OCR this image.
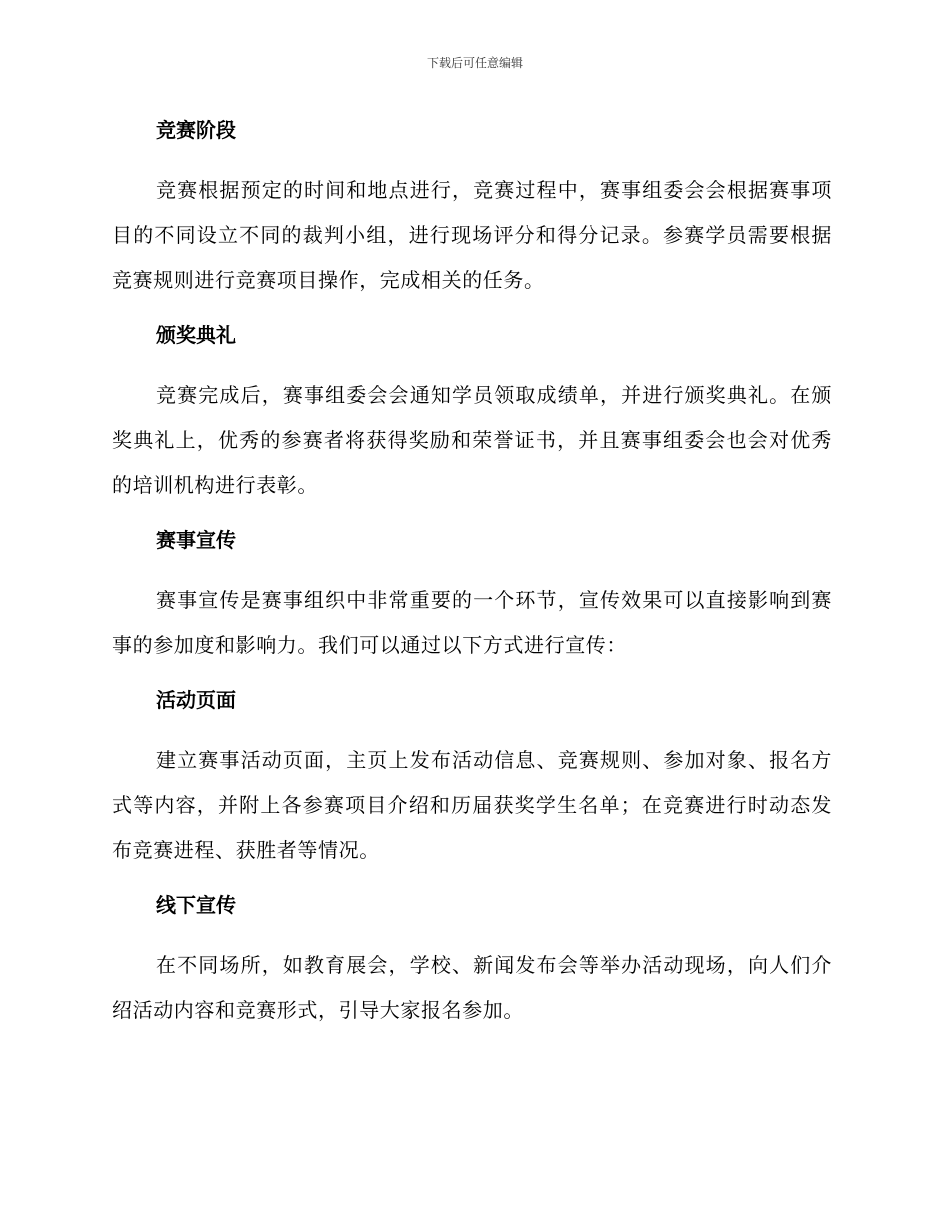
下载后可任意编辑
竞赛阶段
竞赛根据预定的时间和地点进行，竞赛过程中，赛事组委会会根据赛事项目的不同设立不同的裁判小组，进行现场评分和得分记录。参赛学员需要根据竞赛规则进行竞赛项目操作，完成相关的任务。
颁奖典礼
竞赛完成后，赛事组委会会通知学员领取成绩单，并进行颁奖典礼。在颁奖典礼上，优秀的参赛者将获得奖励和荣誉证书，并且赛事组委会也会对优秀的培训机构进行表彰。
赛事宣传
赛事宣传是赛事组织中非常重要的一个环节，宣传效果可以直接影响到赛事的参加度和影响力。我们可以通过以下方式进行宣传：
活动页面
建立赛事活动页面，主页上发布活动信息、竞赛规则、参加对象、报名方式等内容，并附上各参赛项目介绍和历届获奖学生名单；在竞赛进行时动态发布竞赛进程、获胜者等情况。
线下宣传
在不同场所，如教育展会，学校、新闻发布会等举办活动现场，向人们介绍活动内容和竞赛形式，引导大家报名参加。
